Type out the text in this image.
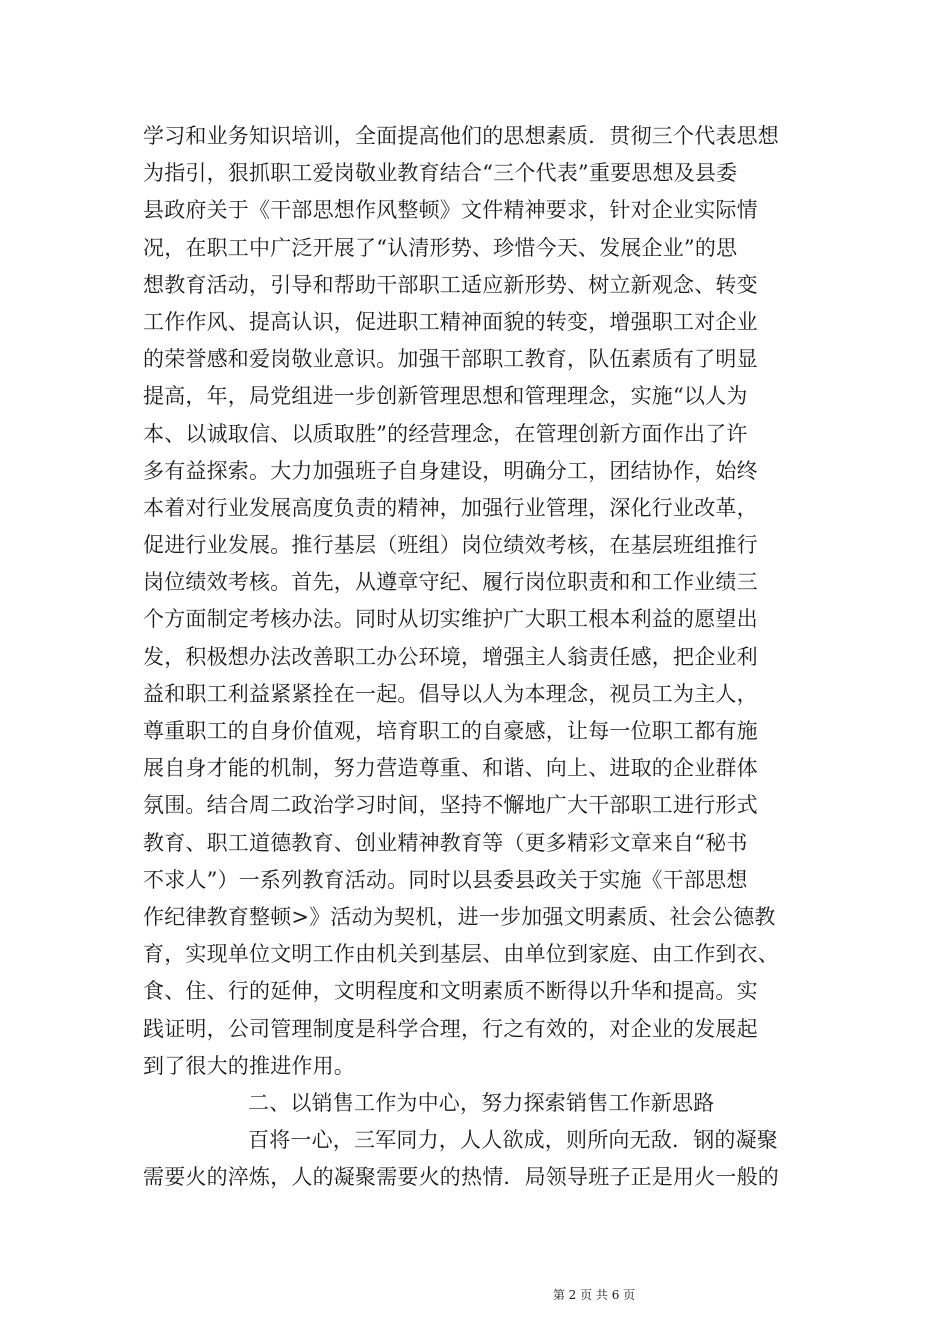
学习和业务知识培训，全面提高他们的思想素质．贯彻三个代表思想
为指引，狠抓职工爱岗敬业教育结合“三个代表”重要思想及县委
县政府关于《干部思想作风整顿》文件精神要求，针对企业实际情
况，在职工中广泛开展了“认清形势、珍惜今天、发展企业”的思
想教育活动，引导和帮助干部职工适应新形势、树立新观念、转变
工作作风、提高认识，促进职工精神面貌的转变，增强职工对企业
的荣誉感和爱岗敬业意识。加强干部职工教育，队伍素质有了明显
提高，年，局党组进一步创新管理思想和管理理念，实施“以人为
本、以诚取信、以质取胜”的经营理念，在管理创新方面作出了许
多有益探索。大力加强班子自身建设，明确分工，团结协作，始终
本着对行业发展高度负责的精神，加强行业管理，深化行业改革，
促进行业发展。推行基层（班组）岗位绩效考核，在基层班组推行
岗位绩效考核。首先，从遵章守纪、履行岗位职责和和工作业绩三
个方面制定考核办法。同时从切实维护广大职工根本利益的愿望出
发，积极想办法改善职工办公环境，增强主人翁责任感，把企业利
益和职工利益紧紧拴在一起。倡导以人为本理念，视员工为主人，
尊重职工的自身价值观，培育职工的自豪感，让每一位职工都有施
展自身才能的机制，努力营造尊重、和谐、向上、进取的企业群体
氛围。结合周二政治学习时间，坚持不懈地广大干部职工进行形式
教育、职工道德教育、创业精神教育等（更多精彩文章来自“秘书
不求人”）一系列教育活动。同时以县委县政关于实施《干部思想
作纪律教育整顿>》活动为契机，进一步加强文明素质、社会公德教
育，实现单位文明工作由机关到基层、由单位到家庭、由工作到衣、
食、住、行的延伸，文明程度和文明素质不断得以升华和提高。实
践证明，公司管理制度是科学合理，行之有效的，对企业的发展起
到了很大的推进作用。
二、以销售工作为中心，努力探索销售工作新思路
百将一心，三军同力，人人欲成，则所向无敌．钢的凝聚
需要火的淬炼，人的凝聚需要火的热情．局领导班子正是用火一般的
第 2 页 共 6 页
